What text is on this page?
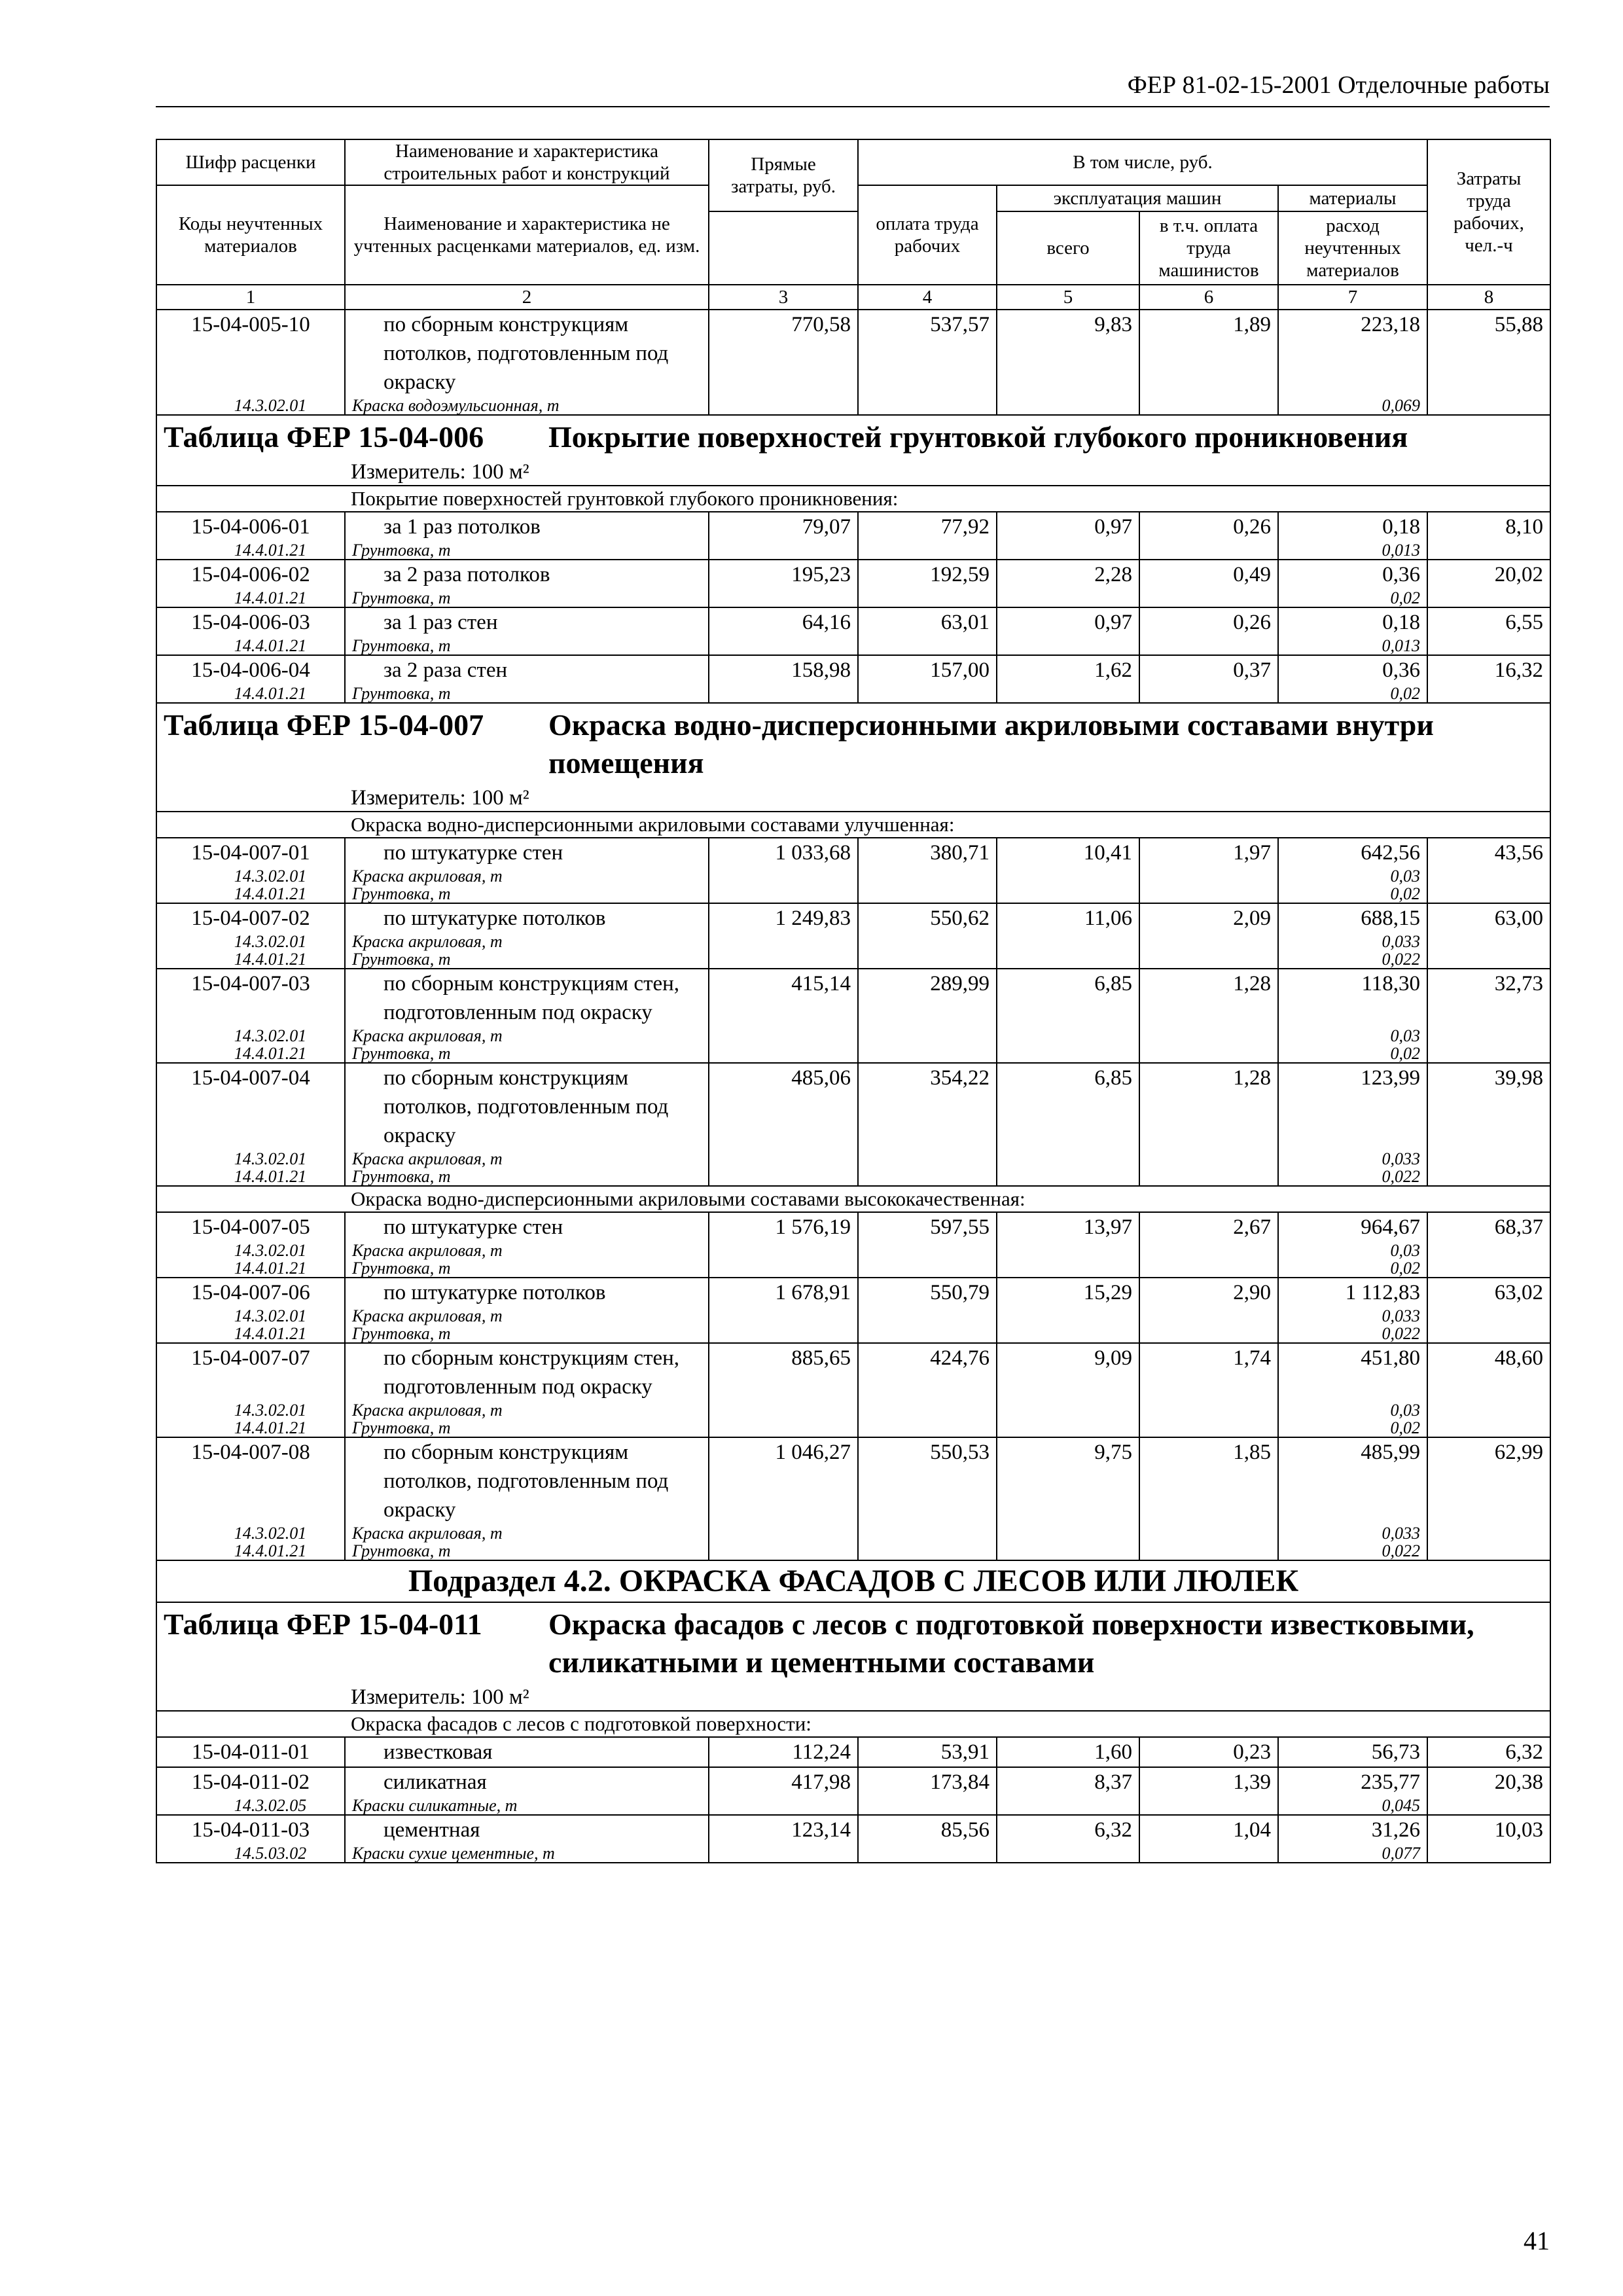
ФЕР 81-02-15-2001 Отделочные работы
Шифр расценки	Наименование и характеристика строительных работ и конструкций	Прямые затраты, руб.	В том числе, руб.				Затраты труда рабочих, чел.-ч
Коды неучтенных материалов	Наименование и характеристика не учтенных расценками материалов, ед. изм.		оплата труда рабочих	эксплуатация машин		материалы	
				всего	в т.ч. оплата труда машинистов	расход неучтенных материалов	
1	2	3	4	5	6	7	8
15-04-005-10	по сборным конструкциям потолков, подготовленным под окраску	770,58	537,57	9,83	1,89	223,18	55,88
14.3.02.01	Краска водоэмульсионная, т					0,069	
Таблица ФЕР 15-04-006 Покрытие поверхностей грунтовкой глубокого проникновения							
Измеритель: 100 м²							
Покрытие поверхностей грунтовкой глубокого проникновения:							
15-04-006-01	за 1 раз потолков	79,07	77,92	0,97	0,26	0,18	8,10
14.4.01.21	Грунтовка, т					0,013	
15-04-006-02	за 2 раза потолков	195,23	192,59	2,28	0,49	0,36	20,02
14.4.01.21	Грунтовка, т					0,02	
15-04-006-03	за 1 раз стен	64,16	63,01	0,97	0,26	0,18	6,55
14.4.01.21	Грунтовка, т					0,013	
15-04-006-04	за 2 раза стен	158,98	157,00	1,62	0,37	0,36	16,32
14.4.01.21	Грунтовка, т					0,02	
Таблица ФЕР 15-04-007 Окраска водно-дисперсионными акриловыми составами внутри помещения							
Измеритель: 100 м²							
Окраска водно-дисперсионными акриловыми составами улучшенная:							
15-04-007-01	по штукатурке стен	1 033,68	380,71	10,41	1,97	642,56	43,56
14.3.02.01	Краска акриловая, т					0,03	
14.4.01.21	Грунтовка, т					0,02	
15-04-007-02	по штукатурке потолков	1 249,83	550,62	11,06	2,09	688,15	63,00
14.3.02.01	Краска акриловая, т					0,033	
14.4.01.21	Грунтовка, т					0,022	
15-04-007-03	по сборным конструкциям стен, подготовленным под окраску	415,14	289,99	6,85	1,28	118,30	32,73
14.3.02.01	Краска акриловая, т					0,03	
14.4.01.21	Грунтовка, т					0,02	
15-04-007-04	по сборным конструкциям потолков, подготовленным под окраску	485,06	354,22	6,85	1,28	123,99	39,98
14.3.02.01	Краска акриловая, т					0,033	
14.4.01.21	Грунтовка, т					0,022	
Окраска водно-дисперсионными акриловыми составами высококачественная:							
15-04-007-05	по штукатурке стен	1 576,19	597,55	13,97	2,67	964,67	68,37
14.3.02.01	Краска акриловая, т					0,03	
14.4.01.21	Грунтовка, т					0,02	
15-04-007-06	по штукатурке потолков	1 678,91	550,79	15,29	2,90	1 112,83	63,02
14.3.02.01	Краска акриловая, т					0,033	
14.4.01.21	Грунтовка, т					0,022	
15-04-007-07	по сборным конструкциям стен, подготовленным под окраску	885,65	424,76	9,09	1,74	451,80	48,60
14.3.02.01	Краска акриловая, т					0,03	
14.4.01.21	Грунтовка, т					0,02	
15-04-007-08	по сборным конструкциям потолков, подготовленным под окраску	1 046,27	550,53	9,75	1,85	485,99	62,99
14.3.02.01	Краска акриловая, т					0,033	
14.4.01.21	Грунтовка, т					0,022	
Подраздел 4.2. ОКРАСКА ФАСАДОВ С ЛЕСОВ ИЛИ ЛЮЛЕК							
Таблица ФЕР 15-04-011 Окраска фасадов с лесов с подготовкой поверхности известковыми, силикатными и цементными составами							
Измеритель: 100 м²							
Окраска фасадов с лесов с подготовкой поверхности:							
15-04-011-01	известковая	112,24	53,91	1,60	0,23	56,73	6,32
15-04-011-02	силикатная	417,98	173,84	8,37	1,39	235,77	20,38
14.3.02.05	Краски силикатные, т					0,045	
15-04-011-03	цементная	123,14	85,56	6,32	1,04	31,26	10,03
14.5.03.02	Краски сухие цементные, т					0,077	
41
